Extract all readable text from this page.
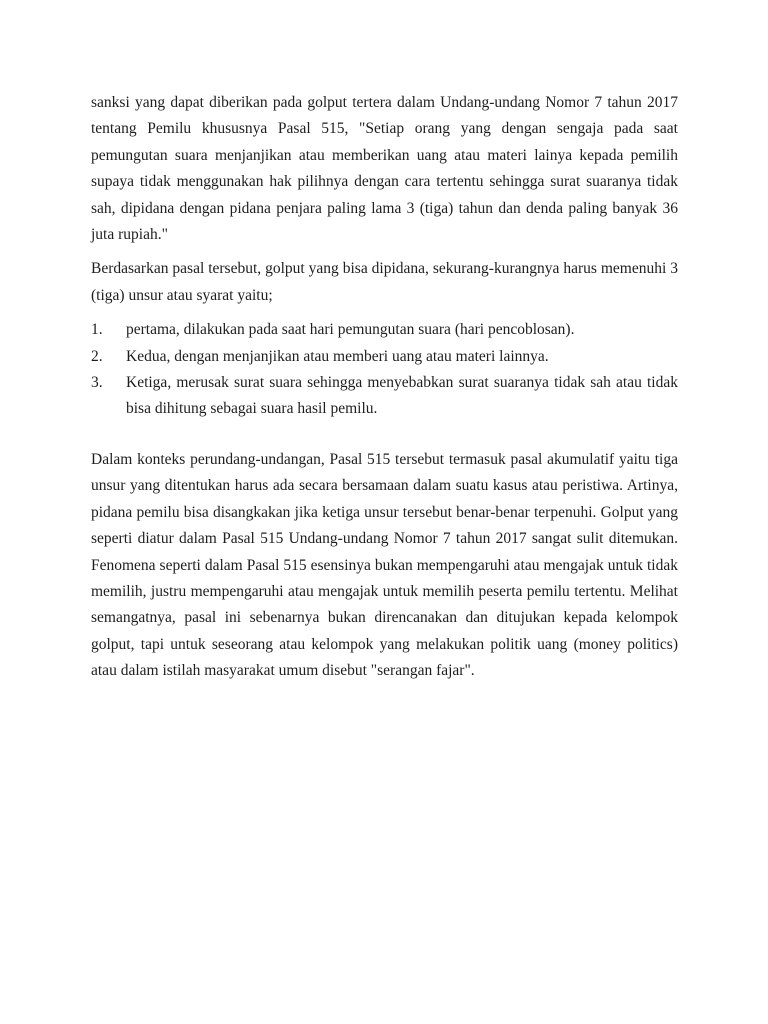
sanksi yang dapat diberikan pada golput tertera dalam Undang-undang Nomor 7 tahun 2017 tentang Pemilu khususnya Pasal 515, "Setiap orang yang dengan sengaja pada saat pemungutan suara menjanjikan atau memberikan uang atau materi lainya kepada pemilih supaya tidak menggunakan hak pilihnya dengan cara tertentu sehingga surat suaranya tidak sah, dipidana dengan pidana penjara paling lama 3 (tiga) tahun dan denda paling banyak 36 juta rupiah."

Berdasarkan pasal tersebut, golput yang bisa dipidana, sekurang-kurangnya harus memenuhi 3 (tiga) unsur atau syarat yaitu;

1. pertama, dilakukan pada saat hari pemungutan suara (hari pencoblosan).
2. Kedua, dengan menjanjikan atau memberi uang atau materi lainnya.
3. Ketiga, merusak surat suara sehingga menyebabkan surat suaranya tidak sah atau tidak bisa dihitung sebagai suara hasil pemilu.

Dalam konteks perundang-undangan, Pasal 515 tersebut termasuk pasal akumulatif yaitu tiga unsur yang ditentukan harus ada secara bersamaan dalam suatu kasus atau peristiwa. Artinya, pidana pemilu bisa disangkakan jika ketiga unsur tersebut benar-benar terpenuhi. Golput yang seperti diatur dalam Pasal 515 Undang-undang Nomor 7 tahun 2017 sangat sulit ditemukan. Fenomena seperti dalam Pasal 515 esensinya bukan mempengaruhi atau mengajak untuk tidak memilih, justru mempengaruhi atau mengajak untuk memilih peserta pemilu tertentu. Melihat semangatnya, pasal ini sebenarnya bukan direncanakan dan ditujukan kepada kelompok golput, tapi untuk seseorang atau kelompok yang melakukan politik uang (money politics) atau dalam istilah masyarakat umum disebut "serangan fajar".
